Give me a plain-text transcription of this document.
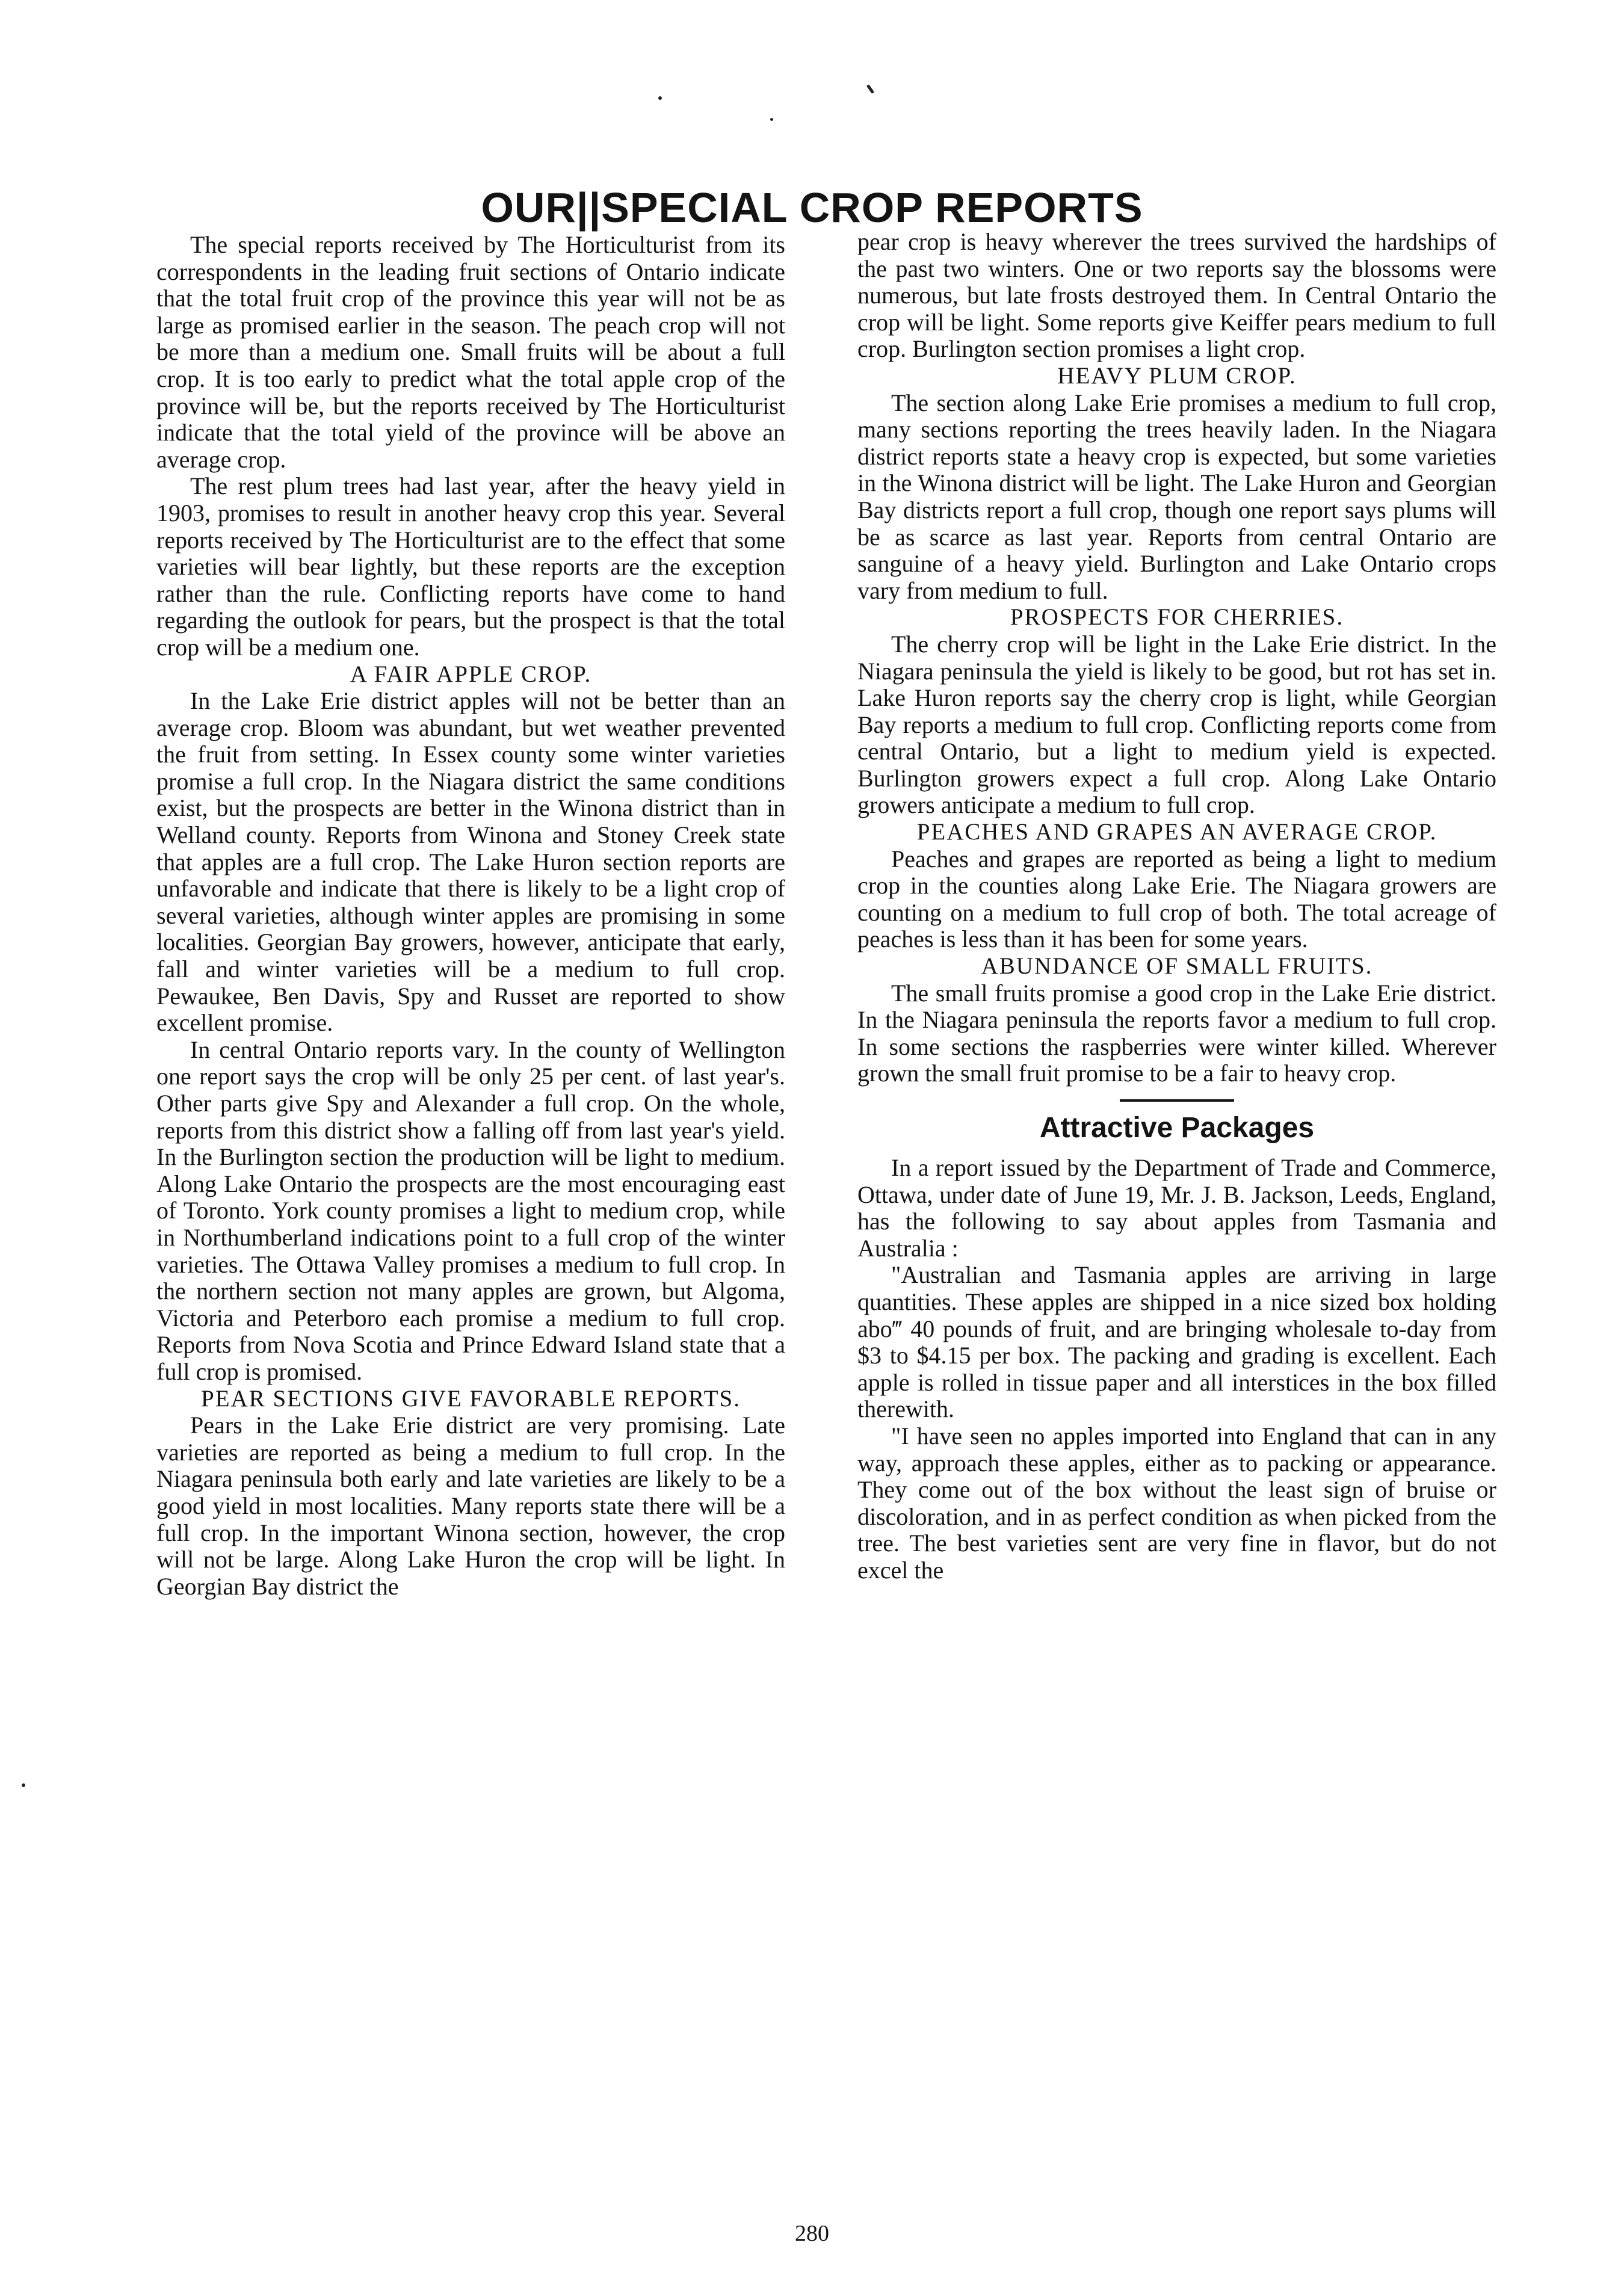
OUR||SPECIAL CROP REPORTS

The special reports received by The Horticulturist from its correspondents in the leading fruit sections of Ontario indicate that the total fruit crop of the province this year will not be as large as promised earlier in the season. The peach crop will not be more than a medium one. Small fruits will be about a full crop. It is too early to predict what the total apple crop of the province will be, but the reports received by The Horticulturist indicate that the total yield of the province will be above an average crop.

The rest plum trees had last year, after the heavy yield in 1903, promises to result in another heavy crop this year. Several reports received by The Horticulturist are to the effect that some varieties will bear lightly, but these reports are the exception rather than the rule. Conflicting reports have come to hand regarding the outlook for pears, but the prospect is that the total crop will be a medium one.

A FAIR APPLE CROP.

In the Lake Erie district apples will not be better than an average crop. Bloom was abundant, but wet weather prevented the fruit from setting. In Essex county some winter varieties promise a full crop. In the Niagara district the same conditions exist, but the prospects are better in the Winona district than in Welland county. Reports from Winona and Stoney Creek state that apples are a full crop. The Lake Huron section reports are unfavorable and indicate that there is likely to be a light crop of several varieties, although winter apples are promising in some localities. Georgian Bay growers, however, anticipate that early, fall and winter varieties will be a medium to full crop. Pewaukee, Ben Davis, Spy and Russet are reported to show excellent promise.

In central Ontario reports vary. In the county of Wellington one report says the crop will be only 25 per cent. of last year's. Other parts give Spy and Alexander a full crop. On the whole, reports from this district show a falling off from last year's yield. In the Burlington section the production will be light to medium. Along Lake Ontario the prospects are the most encouraging east of Toronto. York county promises a light to medium crop, while in Northumberland indications point to a full crop of the winter varieties. The Ottawa Valley promises a medium to full crop. In the northern section not many apples are grown, but Algoma, Victoria and Peterboro each promise a medium to full crop. Reports from Nova Scotia and Prince Edward Island state that a full crop is promised.

PEAR SECTIONS GIVE FAVORABLE REPORTS.

Pears in the Lake Erie district are very promising. Late varieties are reported as being a medium to full crop. In the Niagara peninsula both early and late varieties are likely to be a good yield in most localities. Many reports state there will be a full crop. In the important Winona section, however, the crop will not be large. Along Lake Huron the crop will be light. In Georgian Bay district the

pear crop is heavy wherever the trees survived the hardships of the past two winters. One or two reports say the blossoms were numerous, but late frosts destroyed them. In Central Ontario the crop will be light. Some reports give Keiffer pears medium to full crop. Burlington section promises a light crop.

HEAVY PLUM CROP.

The section along Lake Erie promises a medium to full crop, many sections reporting the trees heavily laden. In the Niagara district reports state a heavy crop is expected, but some varieties in the Winona district will be light. The Lake Huron and Georgian Bay districts report a full crop, though one report says plums will be as scarce as last year. Reports from central Ontario are sanguine of a heavy yield. Burlington and Lake Ontario crops vary from medium to full.

PROSPECTS FOR CHERRIES.

The cherry crop will be light in the Lake Erie district. In the Niagara peninsula the yield is likely to be good, but rot has set in. Lake Huron reports say the cherry crop is light, while Georgian Bay reports a medium to full crop. Conflicting reports come from central Ontario, but a light to medium yield is expected. Burlington growers expect a full crop. Along Lake Ontario growers anticipate a medium to full crop.

PEACHES AND GRAPES AN AVERAGE CROP.

Peaches and grapes are reported as being a light to medium crop in the counties along Lake Erie. The Niagara growers are counting on a medium to full crop of both. The total acreage of peaches is less than it has been for some years.

ABUNDANCE OF SMALL FRUITS.

The small fruits promise a good crop in the Lake Erie district. In the Niagara peninsula the reports favor a medium to full crop. In some sections the raspberries were winter killed. Wherever grown the small fruit promise to be a fair to heavy crop.

Attractive Packages

In a report issued by the Department of Trade and Commerce, Ottawa, under date of June 19, Mr. J. B. Jackson, Leeds, England, has the following to say about apples from Tasmania and Australia :

"Australian and Tasmania apples are arriving in large quantities. These apples are shipped in a nice sized box holding abo‴ 40 pounds of fruit, and are bringing wholesale to-day from $3 to $4.15 per box. The packing and grading is excellent. Each apple is rolled in tissue paper and all interstices in the box filled therewith.

"I have seen no apples imported into England that can in any way, approach these apples, either as to packing or appearance. They come out of the box without the least sign of bruise or discoloration, and in as perfect condition as when picked from the tree. The best varieties sent are very fine in flavor, but do not excel the

280
